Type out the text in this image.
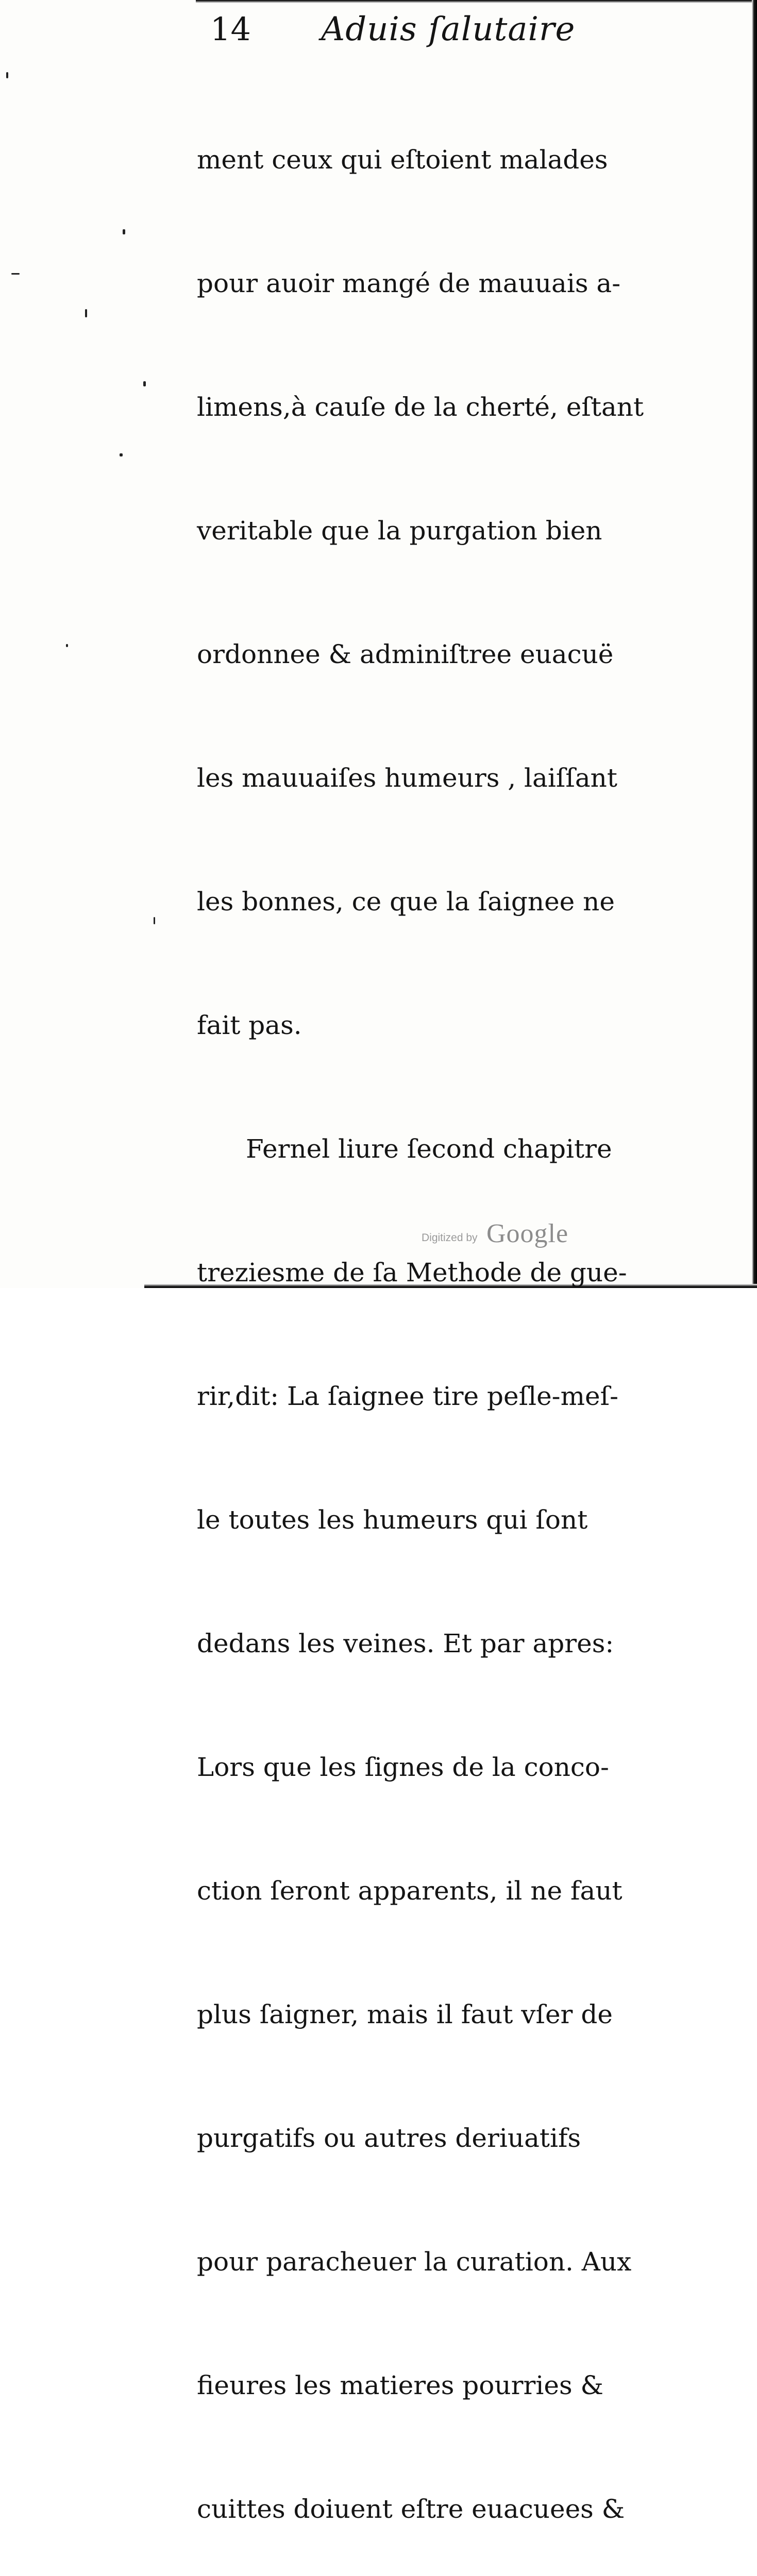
14 Aduis ſalutaire

ment ceux qui eſtoient malades

pour auoir mangé de mauuais a-

limens,à cauſe de la cherté, eſtant

veritable que la purgation bien

ordonnee & adminiſtree euacuë

les mauuaiſes humeurs , laiſſant

les bonnes, ce que la ſaignee ne

fait pas.

Fernel liure ſecond chapitre

treziesme de ſa Methode de gue-

rir,dit: La ſaignee tire peſle-meſ-

le toutes les humeurs qui ſont

dedans les veines. Et par apres:

Lors que les ſignes de la conco-

ction ſeront apparents, il ne faut

plus ſaigner, mais il faut vſer de

purgatifs ou autres deriuatifs

pour paracheuer la curation. Aux

fieures les matieres pourries &

cuittes doiuent eſtre euacuees &

Digitized by Google
